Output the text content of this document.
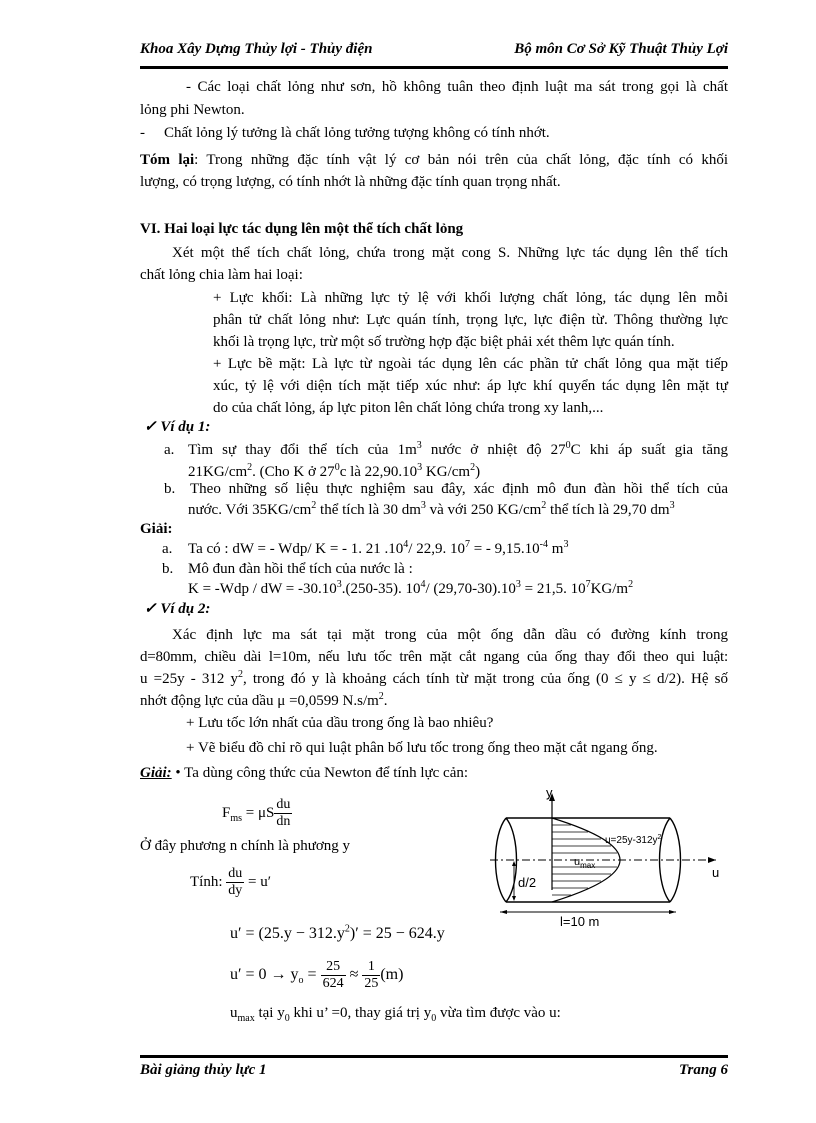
Khoa Xây Dựng Thủy lợi - Thủy điện	Bộ môn Cơ Sở Kỹ Thuật Thủy Lợi
- Các loại chất lỏng như sơn, hồ không tuân theo định luật ma sát trong gọi là chất
lỏng phi Newton.
- Chất lỏng lý tưởng là chất lỏng tưởng tượng không có tính nhớt.
Tóm lại: Trong những đặc tính vật lý cơ bản nói trên của chất lỏng, đặc tính có khối
lượng, có trọng lượng, có tính nhớt là những đặc tính quan trọng nhất.
VI. Hai loại lực tác dụng lên một thể tích chất lỏng
Xét một thể tích chất lỏng, chứa trong mặt cong S. Những lực tác dụng lên thể tích
chất lỏng chia làm hai loại:
+ Lực khối: Là những lực tỷ lệ với khối lượng chất lỏng, tác dụng lên mỗi
phân tử chất lỏng như: Lực quán tính, trọng lực, lực điện từ. Thông thường lực
khối là trọng lực, trừ một số trường hợp đặc biệt phải xét thêm lực quán tính.
+ Lực bề mặt: Là lực từ ngoài tác dụng lên các phần tử chất lỏng qua mặt tiếp
xúc, tỷ lệ với diện tích mặt tiếp xúc như: áp lực khí quyển tác dụng lên mặt tự
do của chất lỏng, áp lực piton lên chất lỏng chứa trong xy lanh,...
✓ Ví dụ 1:
a. Tìm sự thay đổi thể tích của $1m^3$ nước ở nhiệt độ $27^0C$ khi áp suất gia tăng
$21KG/cm^2$. (Cho K ở $27^0c$ là 22,90.10$^3$ $KG/cm^2$)
b. Theo những số liệu thực nghiệm sau đây, xác định mô đun đàn hồi thể tích của
nước. Với $35KG/cm^2$ thể tích là 30 $dm^3$ và với 250 $KG/cm^2$ thể tích là 29,70 $dm^3$
Giải:
a. Ta có : dW = - Wdp/ K = - 1. 21 $.10^4/$ 22,9. $10^7$ = - $9,15.10^{-4}$ $m^3$
b. Mô đun đàn hồi thể tích của nước là :
K = -Wdp / dW = $-30.10^3.(250-35)$. $10^4/$ $(29,70-30).10^3 = 21,5$. $10^7KG/m^2$
✓ Ví dụ 2:
Xác định lực ma sát tại mặt trong của một ống dẫn dầu có đường kính trong
d=80mm, chiều dài l=10m, nếu lưu tốc trên mặt cắt ngang của ống thay đổi theo qui luật:
u =25y - 312 $y^2$, trong đó y là khoảng cách tính từ mặt trong của ống (0 ≤ y ≤ d/2). Hệ số
nhớt động lực của dầu μ =0,0599 $N.s/m^2$.
+ Lưu tốc lớn nhất của dầu trong ống là bao nhiêu?
+ Vẽ biểu đồ chỉ rõ qui luật phân bố lưu tốc trong ống theo mặt cắt ngang ống.
Giải: • Ta dùng công thức của Newton để tính lực cản:
$F_{ms} = \mu S \frac{du}{dn}$
Ở đây phương n chính là phương y
Tính: $\frac{du}{dy} = u'$
$u' = (25.y - 312.y^2)' = 25 - 624.y$
$u' = 0 \to y_o = \frac{25}{624} \approx \frac{1}{25} (m)$
$u_{max}$ tại $y_0$ khi u’ =0, thay giá trị $y_0$ vừa tìm được vào u:
y
u
$u=25y-312y^2$
$u_{max}$
d/2
l=10 m
Bài giảng thủy lực 1	Trang 6
